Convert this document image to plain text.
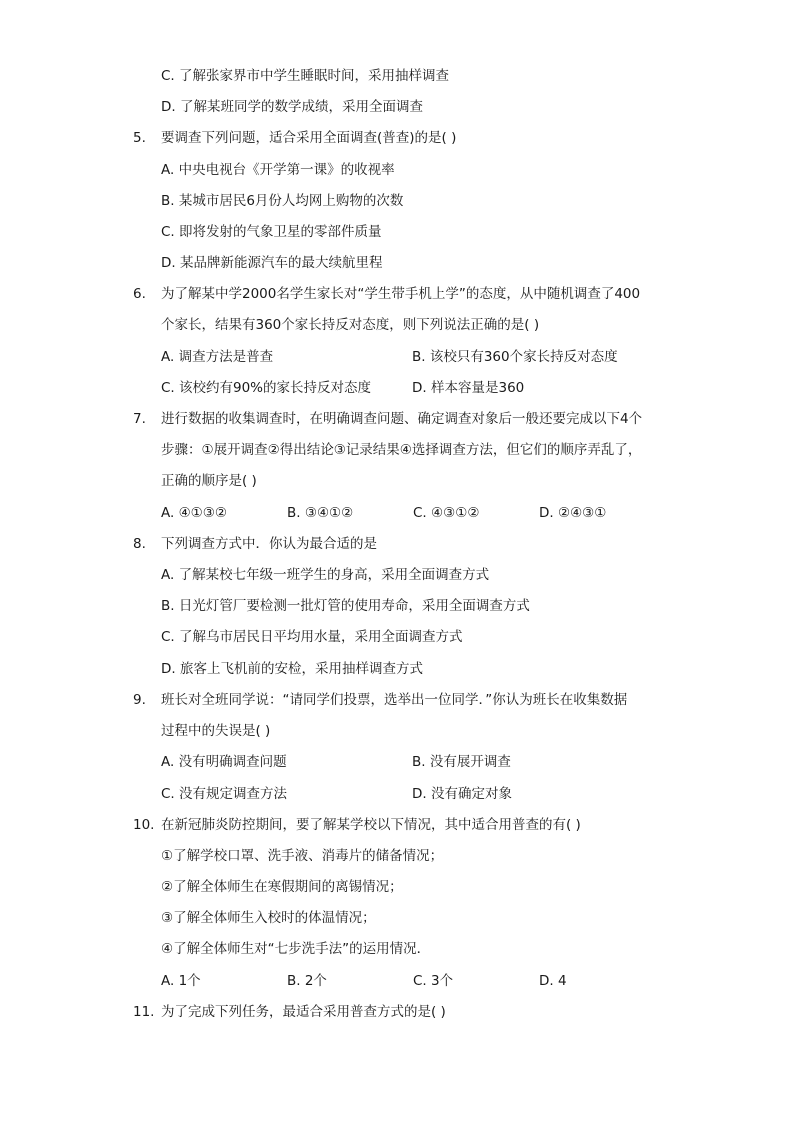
C. 了解张家界市中学生睡眠时间，采用抽样调查
D. 了解某班同学的数学成绩，采用全面调查
5. 要调查下列问题，适合采用全面调查(普查)的是( )
A. 中央电视台《开学第一课》的收视率
B. 某城市居民6月份人均网上购物的次数
C. 即将发射的气象卫星的零部件质量
D. 某品牌新能源汽车的最大续航里程
6. 为了解某中学2000名学生家长对“学生带手机上学”的态度，从中随机调查了400
个家长，结果有360个家长持反对态度，则下列说法正确的是( )
A. 调查方法是普查	B. 该校只有360个家长持反对态度
C. 该校约有90%的家长持反对态度	D. 样本容量是360
7. 进行数据的收集调查时，在明确调查问题、确定调查对象后一般还要完成以下4个
步骤：①展开调查②得出结论③记录结果④选择调查方法，但它们的顺序弄乱了，
正确的顺序是( )
A. ④①③②	B. ③④①②	C. ④③①②	D. ②④③①
8. 下列调查方式中．你认为最合适的是
A. 了解某校七年级一班学生的身高，采用全面调查方式
B. 日光灯管厂要检测一批灯管的使用寿命，采用全面调查方式
C. 了解乌市居民日平均用水量，采用全面调查方式
D. 旅客上飞机前的安检，采用抽样调查方式
9. 班长对全班同学说：“请同学们投票，选举出一位同学．”你认为班长在收集数据
过程中的失误是( )
A. 没有明确调查问题	B. 没有展开调查
C. 没有规定调查方法	D. 没有确定对象
10. 在新冠肺炎防控期间，要了解某学校以下情况，其中适合用普查的有( )
①了解学校口罩、洗手液、消毒片的储备情况；
②了解全体师生在寒假期间的离锡情况；
③了解全体师生入校时的体温情况；
④了解全体师生对“七步洗手法”的运用情况．
A. 1个	B. 2个	C. 3个	D. 4
11. 为了完成下列任务，最适合采用普查方式的是( )
